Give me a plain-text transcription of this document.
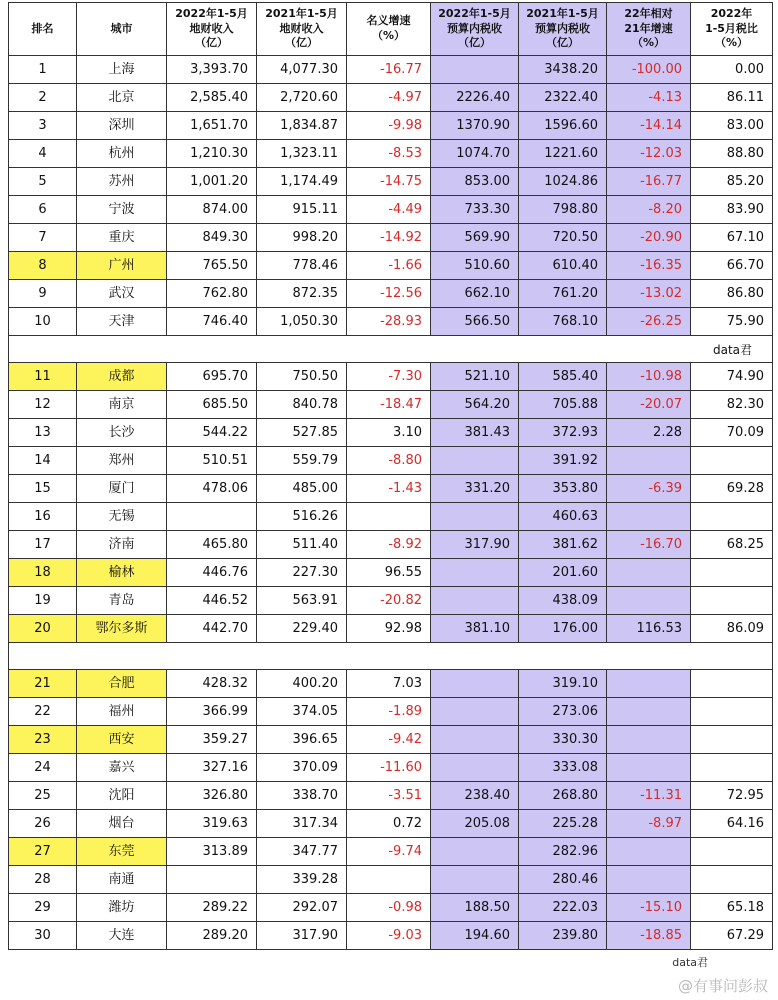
排名	城市	2022年1-5月
地财收入
（亿）	2021年1-5月
地财收入
（亿）	名义增速
（%）	2022年1-5月
预算内税收
（亿）	2021年1-5月
预算内税收
（亿）	22年相对
21年增速
（%）	2022年
1-5月税比
（%）
1	上海	3,393.70	4,077.30	-16.77		3438.20	-100.00	0.00
2	北京	2,585.40	2,720.60	-4.97	2226.40	2322.40	-4.13	86.11
3	深圳	1,651.70	1,834.87	-9.98	1370.90	1596.60	-14.14	83.00
4	杭州	1,210.30	1,323.11	-8.53	1074.70	1221.60	-12.03	88.80
5	苏州	1,001.20	1,174.49	-14.75	853.00	1024.86	-16.77	85.20
6	宁波	874.00	915.11	-4.49	733.30	798.80	-8.20	83.90
7	重庆	849.30	998.20	-14.92	569.90	720.50	-20.90	67.10
8	广州	765.50	778.46	-1.66	510.60	610.40	-16.35	66.70
9	武汉	762.80	872.35	-12.56	662.10	761.20	-13.02	86.80
10	天津	746.40	1,050.30	-28.93	566.50	768.10	-26.25	75.90

data君								

11	成都	695.70	750.50	-7.30	521.10	585.40	-10.98	74.90
12	南京	685.50	840.78	-18.47	564.20	705.88	-20.07	82.30
13	长沙	544.22	527.85	3.10	381.43	372.93	2.28	70.09
14	郑州	510.51	559.79	-8.80		391.92		
15	厦门	478.06	485.00	-1.43	331.20	353.80	-6.39	69.28
16	无锡		516.26			460.63		
17	济南	465.80	511.40	-8.92	317.90	381.62	-16.70	68.25
18	榆林	446.76	227.30	96.55		201.60		
19	青岛	446.52	563.91	-20.82		438.09		
20	鄂尔多斯	442.70	229.40	92.98	381.10	176.00	116.53	86.09

21	合肥	428.32	400.20	7.03		319.10		
22	福州	366.99	374.05	-1.89		273.06		
23	西安	359.27	396.65	-9.42		330.30		
24	嘉兴	327.16	370.09	-11.60		333.08		
25	沈阳	326.80	338.70	-3.51	238.40	268.80	-11.31	72.95
26	烟台	319.63	317.34	0.72	205.08	225.28	-8.97	64.16
27	东莞	313.89	347.77	-9.74		282.96		
28	南通		339.28			280.46		
29	潍坊	289.22	292.07	-0.98	188.50	222.03	-15.10	65.18
30	大连	289.20	317.90	-9.03	194.60	239.80	-18.85	67.29
data君
@有事问彭叔
